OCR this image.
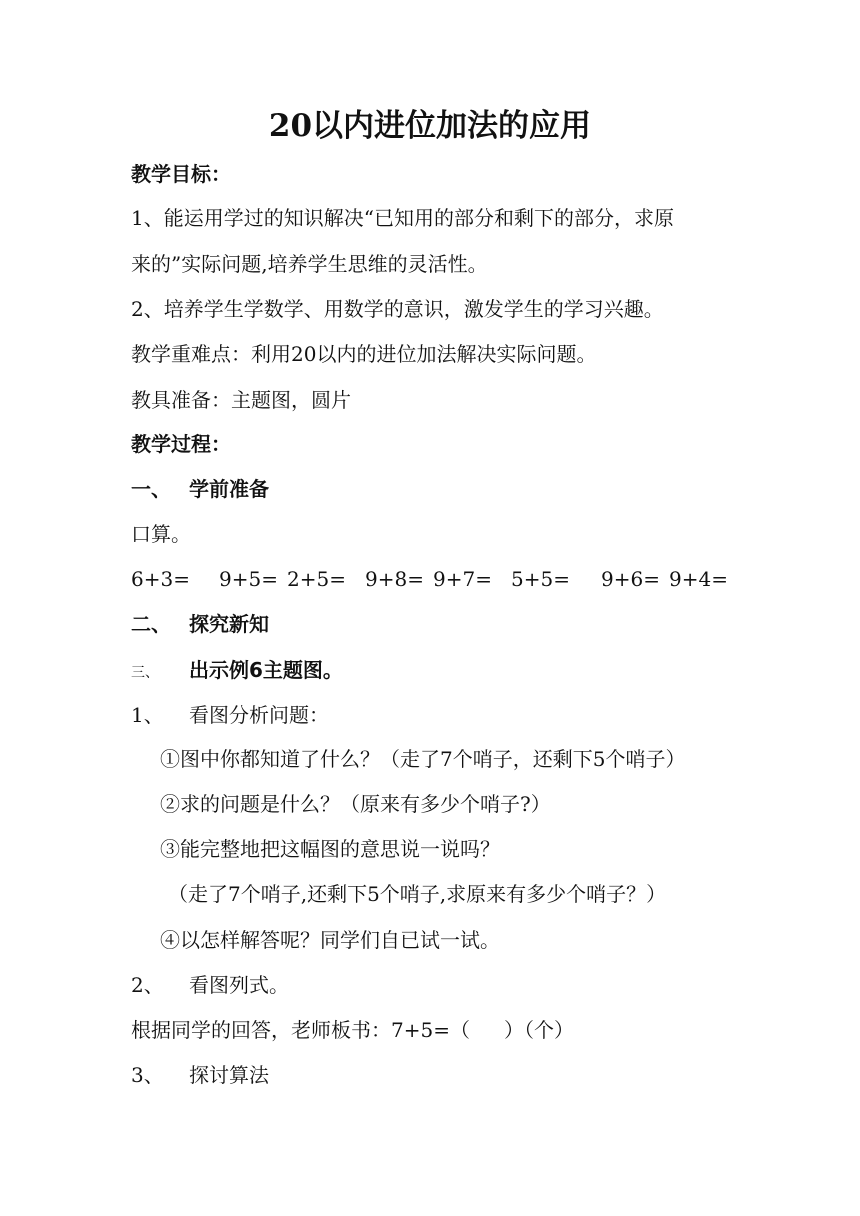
20以内进位加法的应用
教学目标：
1、能运用学过的知识解决“已知用的部分和剩下的部分，求原
来的”实际问题,培养学生思维的灵活性。
2、培养学生学数学、用数学的意识，激发学生的学习兴趣。
教学重难点：利用20以内的进位加法解决实际问题。
教具准备：主题图，圆片
教学过程：
一、 学前准备
口算。
6+3= 9+5= 2+5= 9+8= 9+7= 5+5= 9+6= 9+4=
二、 探究新知
三、 出示例6主题图。
1、 看图分析问题：
①图中你都知道了什么？（走了7个哨子，还剩下5个哨子）
②求的问题是什么？（原来有多少个哨子?）
③能完整地把这幅图的意思说一说吗？
（走了7个哨子,还剩下5个哨子,求原来有多少个哨子？）
④以怎样解答呢？同学们自已试一试。
2、 看图列式。
根据同学的回答，老师板书：7+5=（ ）（个）
3、 探讨算法
